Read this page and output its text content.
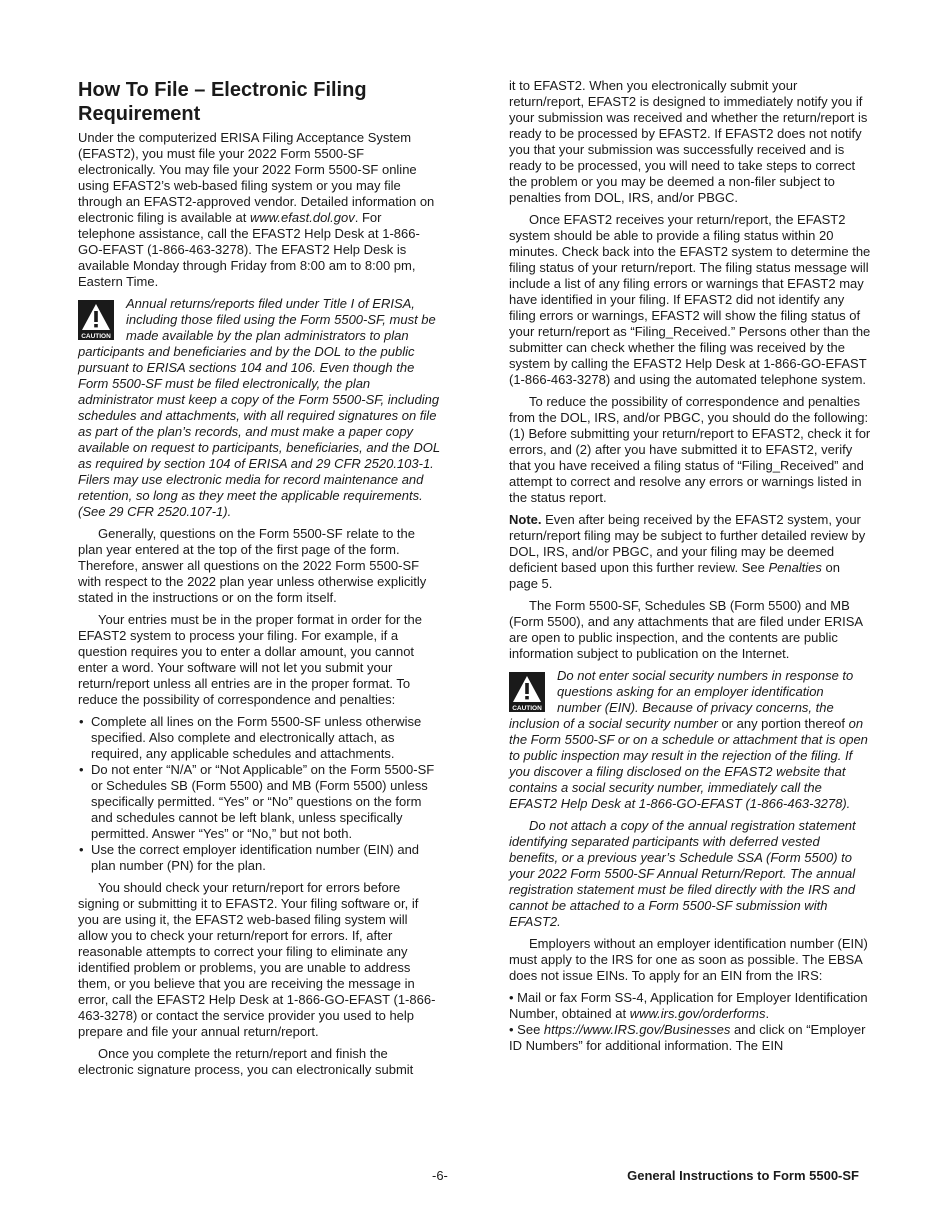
How To File – Electronic Filing Requirement

Under the computerized ERISA Filing Acceptance System (EFAST2), you must file your 2022 Form 5500-SF electronically. You may file your 2022 Form 5500-SF online using EFAST2’s web-based filing system or you may file through an EFAST2-approved vendor. Detailed information on electronic filing is available at www.efast.dol.gov. For telephone assistance, call the EFAST2 Help Desk at 1-866-GO-EFAST (1-866-463-3278). The EFAST2 Help Desk is available Monday through Friday from 8:00 am to 8:00 pm, Eastern Time.

CAUTION

Annual returns/reports filed under Title I of ERISA, including those filed using the Form 5500-SF, must be made available by the plan administrators to plan participants and beneficiaries and by the DOL to the public pursuant to ERISA sections 104 and 106. Even though the Form 5500-SF must be filed electronically, the plan administrator must keep a copy of the Form 5500-SF, including schedules and attachments, with all required signatures on file as part of the plan’s records, and must make a paper copy available on request to participants, beneficiaries, and the DOL as required by section 104 of ERISA and 29 CFR 2520.103-1. Filers may use electronic media for record maintenance and retention, so long as they meet the applicable requirements. (See 29 CFR 2520.107-1).

Generally, questions on the Form 5500-SF relate to the plan year entered at the top of the first page of the form. Therefore, answer all questions on the 2022 Form 5500-SF with respect to the 2022 plan year unless otherwise explicitly stated in the instructions or on the form itself.

Your entries must be in the proper format in order for the EFAST2 system to process your filing. For example, if a question requires you to enter a dollar amount, you cannot enter a word. Your software will not let you submit your return/report unless all entries are in the proper format. To reduce the possibility of correspondence and penalties:

• Complete all lines on the Form 5500-SF unless otherwise specified. Also complete and electronically attach, as required, any applicable schedules and attachments.
• Do not enter “N/A” or “Not Applicable” on the Form 5500-SF or Schedules SB (Form 5500) and MB (Form 5500) unless specifically permitted. “Yes” or “No” questions on the form and schedules cannot be left blank, unless specifically permitted. Answer “Yes” or “No,” but not both.
• Use the correct employer identification number (EIN) and plan number (PN) for the plan.

You should check your return/report for errors before signing or submitting it to EFAST2. Your filing software or, if you are using it, the EFAST2 web-based filing system will allow you to check your return/report for errors. If, after reasonable attempts to correct your filing to eliminate any identified problem or problems, you are unable to address them, or you believe that you are receiving the message in error, call the EFAST2 Help Desk at 1-866-GO-EFAST (1-866-463-3278) or contact the service provider you used to help prepare and file your annual return/report.

Once you complete the return/report and finish the electronic signature process, you can electronically submit

it to EFAST2. When you electronically submit your return/report, EFAST2 is designed to immediately notify you if your submission was received and whether the return/report is ready to be processed by EFAST2. If EFAST2 does not notify you that your submission was successfully received and is ready to be processed, you will need to take steps to correct the problem or you may be deemed a non-filer subject to penalties from DOL, IRS, and/or PBGC.

Once EFAST2 receives your return/report, the EFAST2 system should be able to provide a filing status within 20 minutes. Check back into the EFAST2 system to determine the filing status of your return/report. The filing status message will include a list of any filing errors or warnings that EFAST2 may have identified in your filing. If EFAST2 did not identify any filing errors or warnings, EFAST2 will show the filing status of your return/report as “Filing_Received.” Persons other than the submitter can check whether the filing was received by the system by calling the EFAST2 Help Desk at 1-866-GO-EFAST (1-866-463-3278) and using the automated telephone system.

To reduce the possibility of correspondence and penalties from the DOL, IRS, and/or PBGC, you should do the following: (1) Before submitting your return/report to EFAST2, check it for errors, and (2) after you have submitted it to EFAST2, verify that you have received a filing status of “Filing_Received” and attempt to correct and resolve any errors or warnings listed in the status report.

Note. Even after being received by the EFAST2 system, your return/report filing may be subject to further detailed review by DOL, IRS, and/or PBGC, and your filing may be deemed deficient based upon this further review. See Penalties on page 5.

The Form 5500-SF, Schedules SB (Form 5500) and MB (Form 5500), and any attachments that are filed under ERISA are open to public inspection, and the contents are public information subject to publication on the Internet.

CAUTION

Do not enter social security numbers in response to questions asking for an employer identification number (EIN). Because of privacy concerns, the inclusion of a social security number or any portion thereof on the Form 5500-SF or on a schedule or attachment that is open to public inspection may result in the rejection of the filing. If you discover a filing disclosed on the EFAST2 website that contains a social security number, immediately call the EFAST2 Help Desk at 1-866-GO-EFAST (1-866-463-3278).

Do not attach a copy of the annual registration statement identifying separated participants with deferred vested benefits, or a previous year’s Schedule SSA (Form 5500) to your 2022 Form 5500-SF Annual Return/Report. The annual registration statement must be filed directly with the IRS and cannot be attached to a Form 5500-SF submission with EFAST2.

Employers without an employer identification number (EIN) must apply to the IRS for one as soon as possible. The EBSA does not issue EINs. To apply for an EIN from the IRS:

• Mail or fax Form SS-4, Application for Employer Identification Number, obtained at www.irs.gov/orderforms.

• See https://www.IRS.gov/Businesses and click on “Employer ID Numbers” for additional information. The EIN

-6-	General Instructions to Form 5500-SF
